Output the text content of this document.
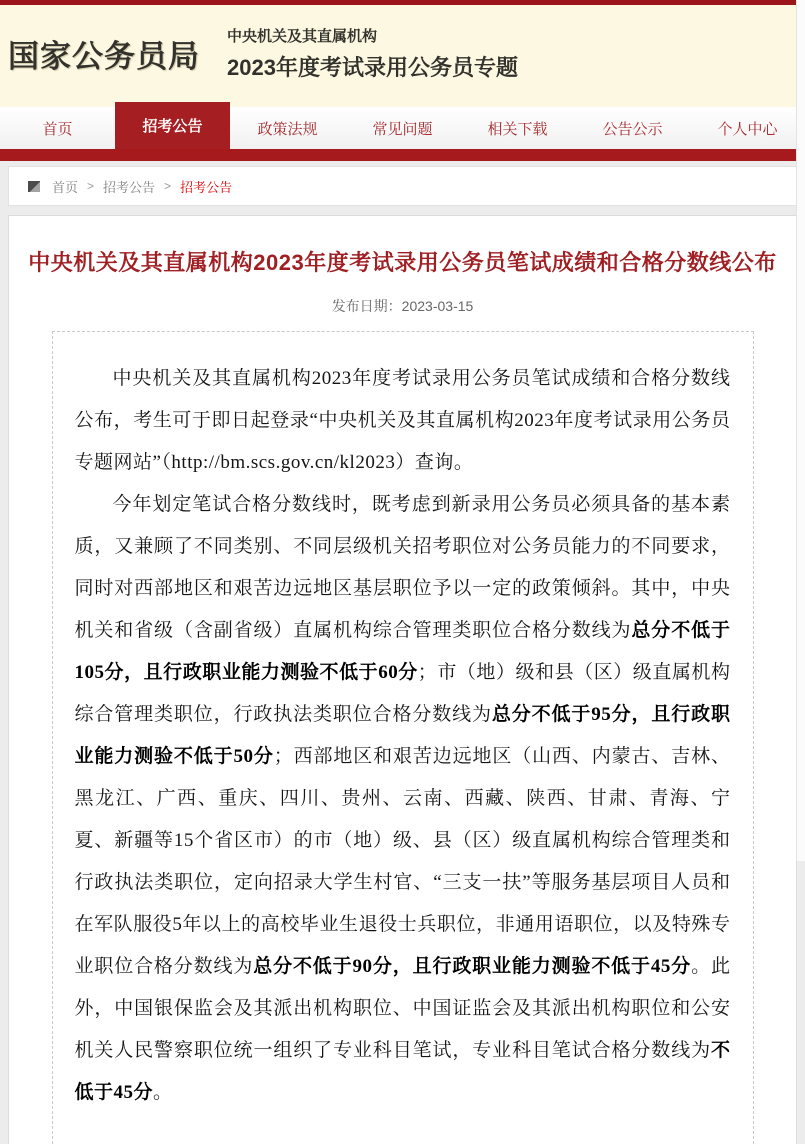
国家公务员局
中央机关及其直属机构
2023年度考试录用公务员专题
首页	招考公告	政策法规	常见问题	相关下载	公告公示	个人中心
首页 > 招考公告 > 招考公告
中央机关及其直属机构2023年度考试录用公务员笔试成绩和合格分数线公布
发布日期：2023-03-15

中央机关及其直属机构2023年度考试录用公务员笔试成绩和合格分数线公布，考生可于即日起登录“中央机关及其直属机构2023年度考试录用公务员专题网站”（http://bm.scs.gov.cn/kl2023）查询。

今年划定笔试合格分数线时，既考虑到新录用公务员必须具备的基本素质，又兼顾了不同类别、不同层级机关招考职位对公务员能力的不同要求，同时对西部地区和艰苦边远地区基层职位予以一定的政策倾斜。其中，中央机关和省级（含副省级）直属机构综合管理类职位合格分数线为总分不低于105分，且行政职业能力测验不低于60分；市（地）级和县（区）级直属机构综合管理类职位，行政执法类职位合格分数线为总分不低于95分，且行政职业能力测验不低于50分；西部地区和艰苦边远地区（山西、内蒙古、吉林、黑龙江、广西、重庆、四川、贵州、云南、西藏、陕西、甘肃、青海、宁夏、新疆等15个省区市）的市（地）级、县（区）级直属机构综合管理类和行政执法类职位，定向招录大学生村官、“三支一扶”等服务基层项目人员和在军队服役5年以上的高校毕业生退役士兵职位，非通用语职位，以及特殊专业职位合格分数线为总分不低于90分，且行政职业能力测验不低于45分。此外，中国银保监会及其派出机构职位、中国证监会及其派出机构职位和公安机关人民警察职位统一组织了专业科目笔试，专业科目笔试合格分数线为不低于45分。
